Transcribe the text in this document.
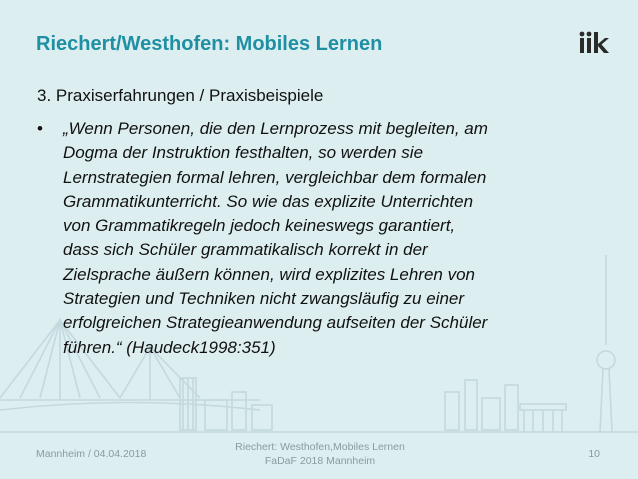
Riechert/Westhofen: Mobiles Lernen
3. Praxiserfahrungen / Praxisbeispiele
• „Wenn Personen, die den Lernprozess mit begleiten, am
Dogma der Instruktion festhalten, so werden sie
Lernstrategien formal lehren, vergleichbar dem formalen
Grammatikunterricht. So wie das explizite Unterrichten
von Grammatikregeln jedoch keineswegs garantiert,
dass sich Schüler grammatikalisch korrekt in der
Zielsprache äußern können, wird explizites Lehren von
Strategien und Techniken nicht zwangsläufig zu einer
erfolgreichen Strategieanwendung aufseiten der Schüler
führen.“ (Haudeck1998:351)
Mannheim / 04.04.2018
Riechert: Westhofen,Mobiles Lernen
FaDaF 2018 Mannheim
10
